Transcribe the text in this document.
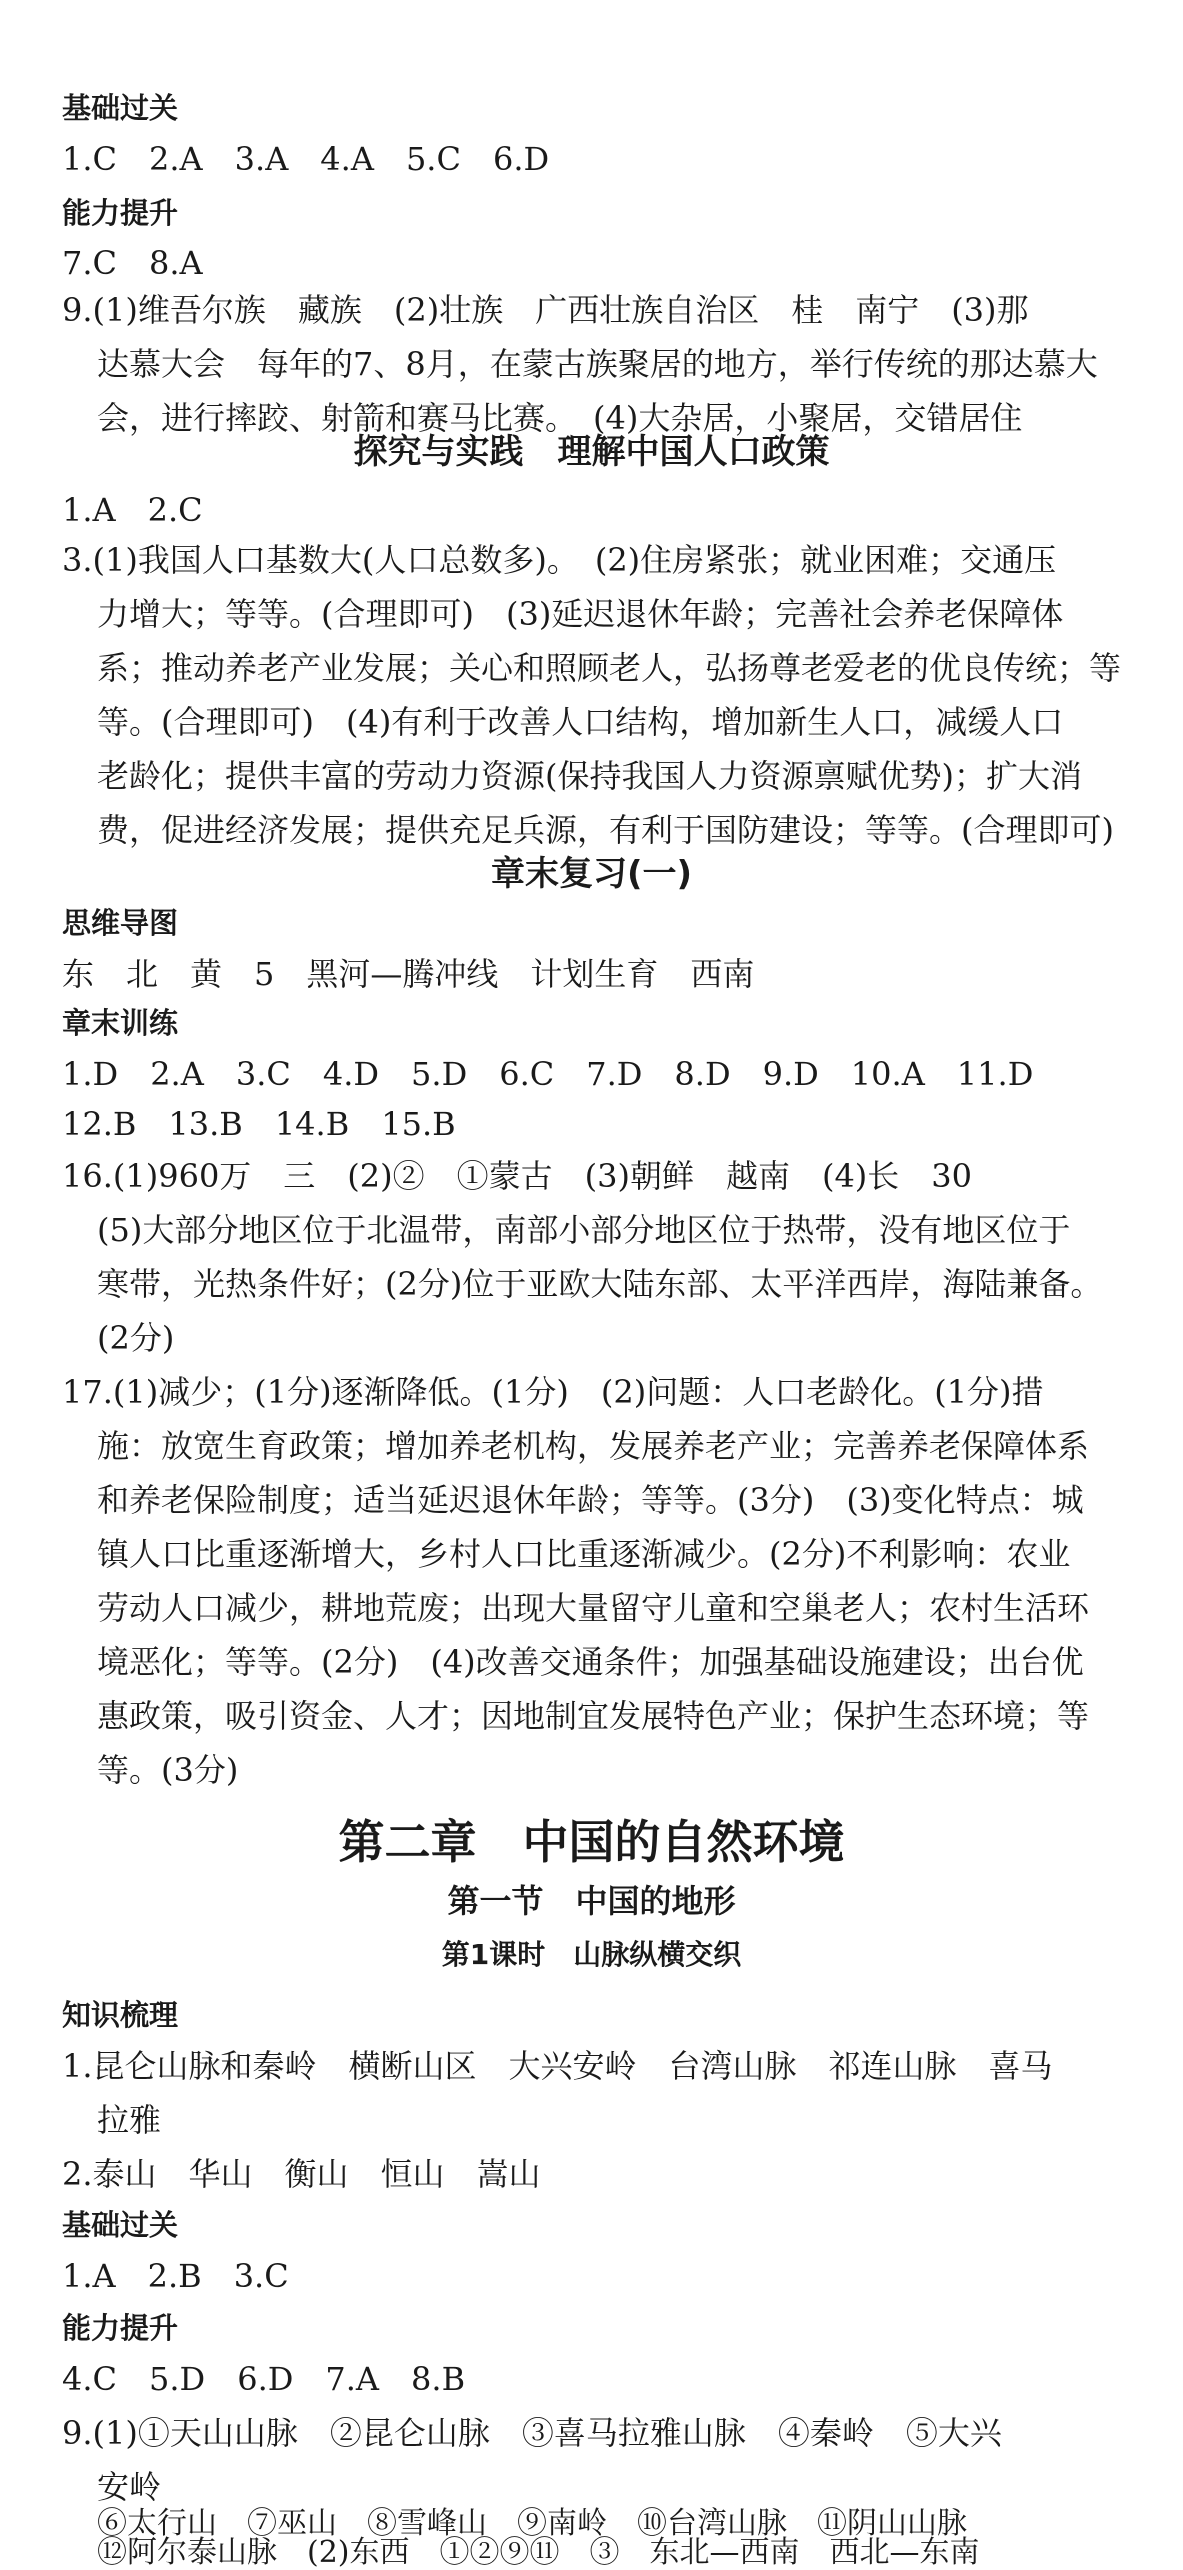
基础过关
1.C　2.A　3.A　4.A　5.C　6.D
能力提升
7.C　8.A
9.(1)维吾尔族　藏族　(2)壮族　广西壮族自治区　桂　南宁　(3)那
达慕大会　每年的7、8月，在蒙古族聚居的地方，举行传统的那达慕大
会，进行摔跤、射箭和赛马比赛。　(4)大杂居，小聚居，交错居住
探究与实践　理解中国人口政策
1.A　2.C
3.(1)我国人口基数大(人口总数多)。　(2)住房紧张；就业困难；交通压
力增大；等等。(合理即可)　(3)延迟退休年龄；完善社会养老保障体
系；推动养老产业发展；关心和照顾老人，弘扬尊老爱老的优良传统；等
等。(合理即可)　(4)有利于改善人口结构，增加新生人口，减缓人口
老龄化；提供丰富的劳动力资源(保持我国人力资源禀赋优势)；扩大消
费，促进经济发展；提供充足兵源，有利于国防建设；等等。(合理即可)
章末复习(一)
思维导图
东　北　黄　5　黑河—腾冲线　计划生育　西南
章末训练
1.D　2.A　3.C　4.D　5.D　6.C　7.D　8.D　9.D　10.A　11.D
12.B　13.B　14.B　15.B
16.(1)960万　三　(2)②　①蒙古　(3)朝鲜　越南　(4)长　30
(5)大部分地区位于北温带，南部小部分地区位于热带，没有地区位于
寒带，光热条件好；(2分)位于亚欧大陆东部、太平洋西岸，海陆兼备。
(2分)
17.(1)减少；(1分)逐渐降低。(1分)　(2)问题：人口老龄化。(1分)措
施：放宽生育政策；增加养老机构，发展养老产业；完善养老保障体系
和养老保险制度；适当延迟退休年龄；等等。(3分)　(3)变化特点：城
镇人口比重逐渐增大，乡村人口比重逐渐减少。(2分)不利影响：农业
劳动人口减少，耕地荒废；出现大量留守儿童和空巢老人；农村生活环
境恶化；等等。(2分)　(4)改善交通条件；加强基础设施建设；出台优
惠政策，吸引资金、人才；因地制宜发展特色产业；保护生态环境；等
等。(3分)
第二章　中国的自然环境
第一节　中国的地形
第1课时　山脉纵横交织
知识梳理
1.昆仑山脉和秦岭　横断山区　大兴安岭　台湾山脉　祁连山脉　喜马
拉雅
2.泰山　华山　衡山　恒山　嵩山
基础过关
1.A　2.B　3.C
能力提升
4.C　5.D　6.D　7.A　8.B
9.(1)①天山山脉　②昆仑山脉　③喜马拉雅山脉　④秦岭　⑤大兴
安岭
⑥太行山　⑦巫山　⑧雪峰山　⑨南岭　⑩台湾山脉　⑪阴山山脉
⑫阿尔泰山脉　(2)东西　①②⑨⑪　③　东北—西南　西北—东南
